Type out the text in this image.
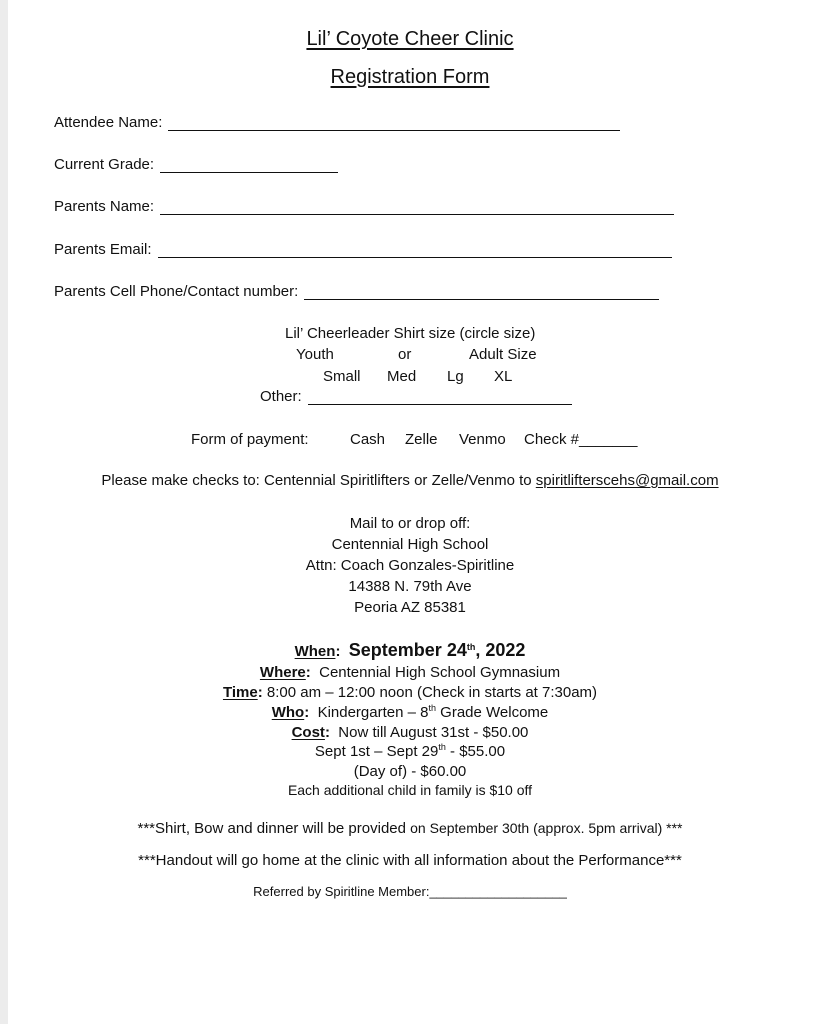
Lil’ Coyote Cheer Clinic
Registration Form
Attendee Name:
Current Grade:
Parents Name:
Parents Email:
Parents Cell Phone/Contact number:
Lil’ Cheerleader Shirt size (circle size)
Youth	or	Adult Size
Small Med Lg XL
Other:
Form of payment:	Cash Zelle Venmo Check #_______
Please make checks to: Centennial Spiritlifters or Zelle/Venmo to spiritlifterscehs@gmail.com
Mail to or drop off:
Centennial High School
Attn: Coach Gonzales-Spiritline
14388 N. 79th Ave
Peoria AZ 85381
When: September 24th, 2022
Where: Centennial High School Gymnasium
Time: 8:00 am – 12:00 noon (Check in starts at 7:30am)
Who: Kindergarten – 8th Grade Welcome
Cost: Now till August 31st - $50.00
Sept 1st – Sept 29th - $55.00
(Day of) - $60.00
Each additional child in family is $10 off
***Shirt, Bow and dinner will be provided on September 30th (approx. 5pm arrival) ***
***Handout will go home at the clinic with all information about the Performance***
Referred by Spiritline Member:___________________
